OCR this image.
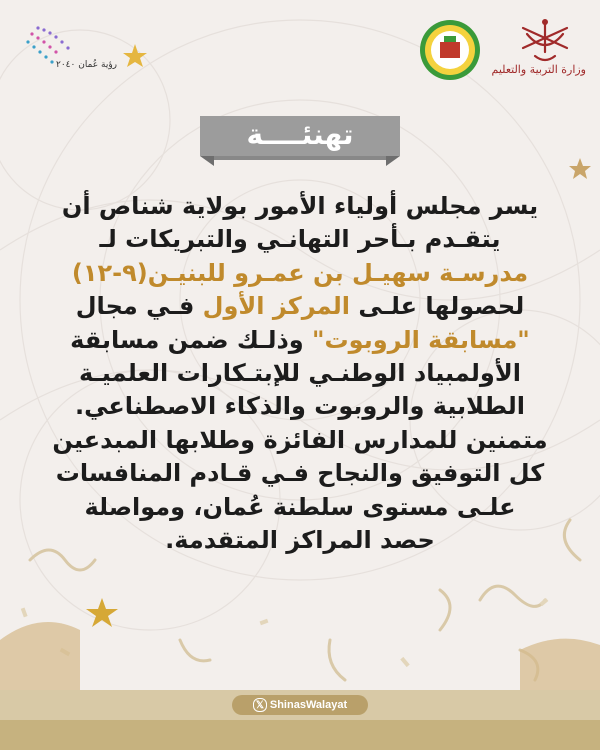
رؤية عُمان ٢٠٤٠	وزارة التربية والتعليم
تهنئــــة
يسر مجلس أولياء الأمور بولاية شناص أن
يتقـدم بـأحر التهانـي والتبريكات لـ
مدرسـة سهيـل بن عمـرو للبنيـن(٩-١٢)
لحصولها علـى المركز الأول فـي مجال
"مسابقة الروبوت" وذلـك ضمن مسابقة
الأولمبياد الوطنـي للإبتـكارات العلميـة
الطلابية والروبوت والذكاء الاصطناعي.
متمنين للمدارس الفائزة وطلابها المبدعين
كل التوفيق والنجاح فـي قـادم المنافسات
علـى مستوى سلطنة عُمان، ومواصلة
حصد المراكز المتقدمة.
𝕏 ShinasWalayat
